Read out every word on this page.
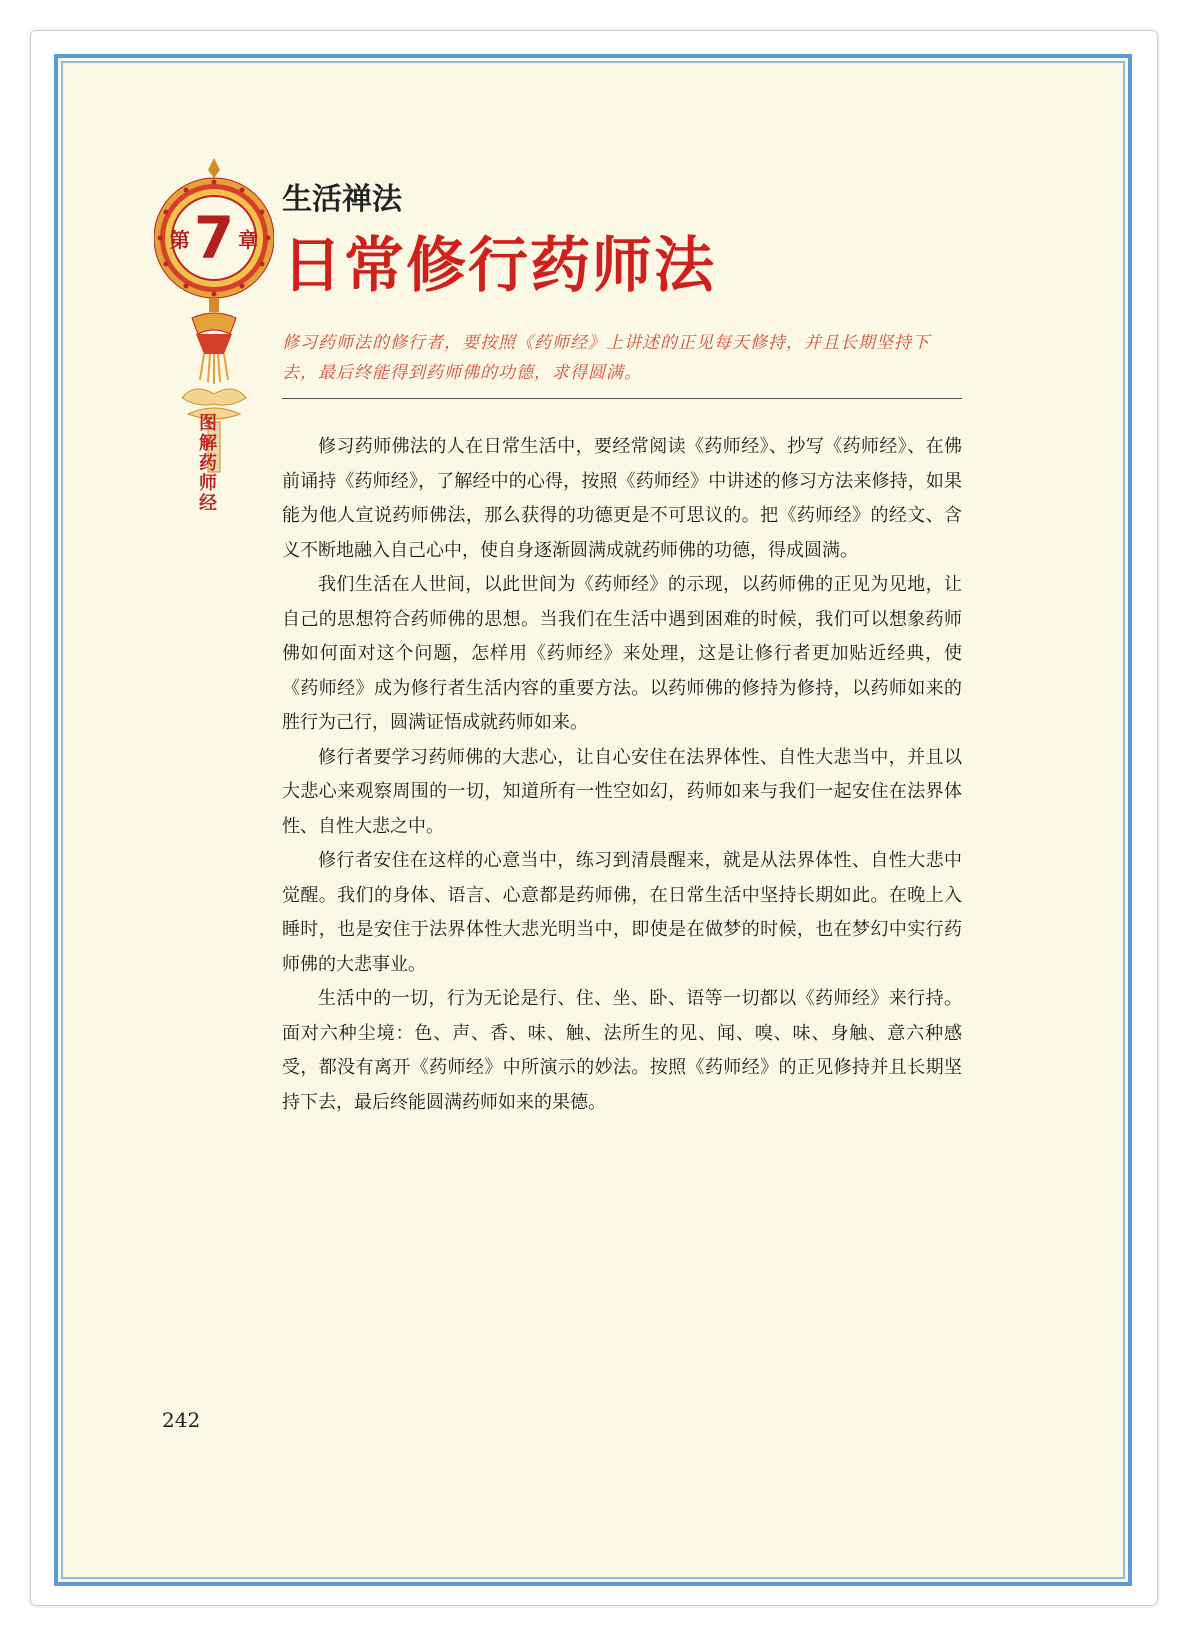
第 7 章
图解药师经
生活禅法
日常修行药师法
修习药师法的修行者，要按照《药师经》上讲述的正见每天修持，并且长期坚持下去，最后终能得到药师佛的功德，求得圆满。

修习药师佛法的人在日常生活中，要经常阅读《药师经》、抄写《药师经》、在佛前诵持《药师经》，了解经中的心得，按照《药师经》中讲述的修习方法来修持，如果能为他人宣说药师佛法，那么获得的功德更是不可思议的。把《药师经》的经文、含义不断地融入自己心中，使自身逐渐圆满成就药师佛的功德，得成圆满。

我们生活在人世间，以此世间为《药师经》的示现，以药师佛的正见为见地，让自己的思想符合药师佛的思想。当我们在生活中遇到困难的时候，我们可以想象药师佛如何面对这个问题，怎样用《药师经》来处理，这是让修行者更加贴近经典，使《药师经》成为修行者生活内容的重要方法。以药师佛的修持为修持，以药师如来的胜行为己行，圆满证悟成就药师如来。

修行者要学习药师佛的大悲心，让自心安住在法界体性、自性大悲当中，并且以大悲心来观察周围的一切，知道所有一性空如幻，药师如来与我们一起安住在法界体性、自性大悲之中。

修行者安住在这样的心意当中，练习到清晨醒来，就是从法界体性、自性大悲中觉醒。我们的身体、语言、心意都是药师佛，在日常生活中坚持长期如此。在晚上入睡时，也是安住于法界体性大悲光明当中，即使是在做梦的时候，也在梦幻中实行药师佛的大悲事业。

生活中的一切，行为无论是行、住、坐、卧、语等一切都以《药师经》来行持。面对六种尘境：色、声、香、味、触、法所生的见、闻、嗅、味、身触、意六种感受，都没有离开《药师经》中所演示的妙法。按照《药师经》的正见修持并且长期坚持下去，最后终能圆满药师如来的果德。

242
